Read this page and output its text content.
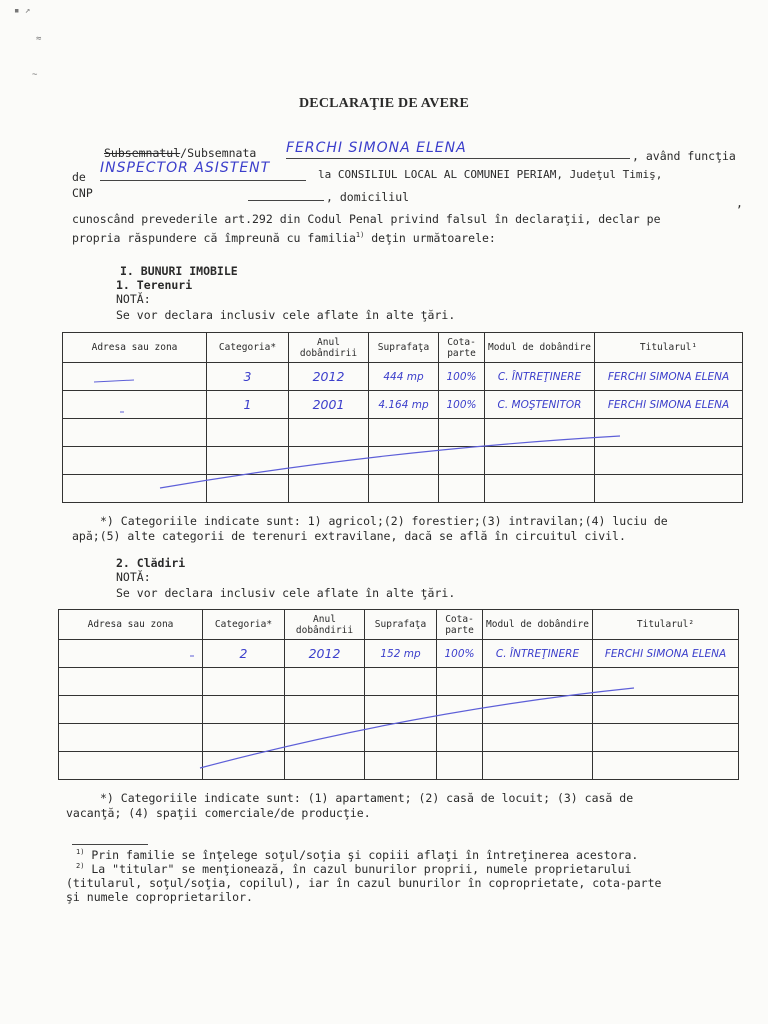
▪ ↗
≈
~
DECLARAŢIE DE AVERE
Subsemnatul/Subsemnata FERCHI SIMONA ELENA	, având funcţia
de
INSPECTOR ASISTENT	la CONSILIUL LOCAL AL COMUNEI PERIAM, Judeţul Timiş,
CNP	, domiciliul	,
cunoscând prevederile art.292 din Codul Penal privind falsul în declaraţii, declar pe
propria răspundere că împreună cu familia$^{1)}$ deţin următoarele:
I. BUNURI IMOBILE
1. Terenuri
NOTĂ:
Se vor declara inclusiv cele aflate în alte ţări.
Adresa sau zona	Categoria*	Anul dobândirii	Suprafaţa	Cota-parte	Modul de dobândire	Titularul¹
	3	2012	444 mp	100%	C. ÎNTREŢINERE	FERCHI SIMONA ELENA
	1	2001	4.164 mp	100%	C. MOŞTENITOR	FERCHI SIMONA ELENA

*) Categoriile indicate sunt: 1) agricol;(2) forestier;(3) intravilan;(4) luciu de
apă;(5) alte categorii de terenuri extravilane, dacă se află în circuitul civil.
2. Clădiri
NOTĂ:
Se vor declara inclusiv cele aflate în alte ţări.
Adresa sau zona	Categoria*	Anul dobândirii	Suprafaţa	Cota-parte	Modul de dobândire	Titularul²
	2	2012	152 mp	100%	C. ÎNTREŢINERE	FERCHI SIMONA ELENA

*) Categoriile indicate sunt: (1) apartament; (2) casă de locuit; (3) casă de
vacanţă; (4) spaţii comerciale/de producţie.
$^{1)}$ Prin familie se înţelege soţul/soţia şi copiii aflaţi în întreţinerea acestora.
$^{2)}$ La "titular" se menţionează, în cazul bunurilor proprii, numele proprietarului
(titularul, soţul/soţia, copilul), iar în cazul bunurilor în coproprietate, cota-parte
şi numele coproprietarilor.
